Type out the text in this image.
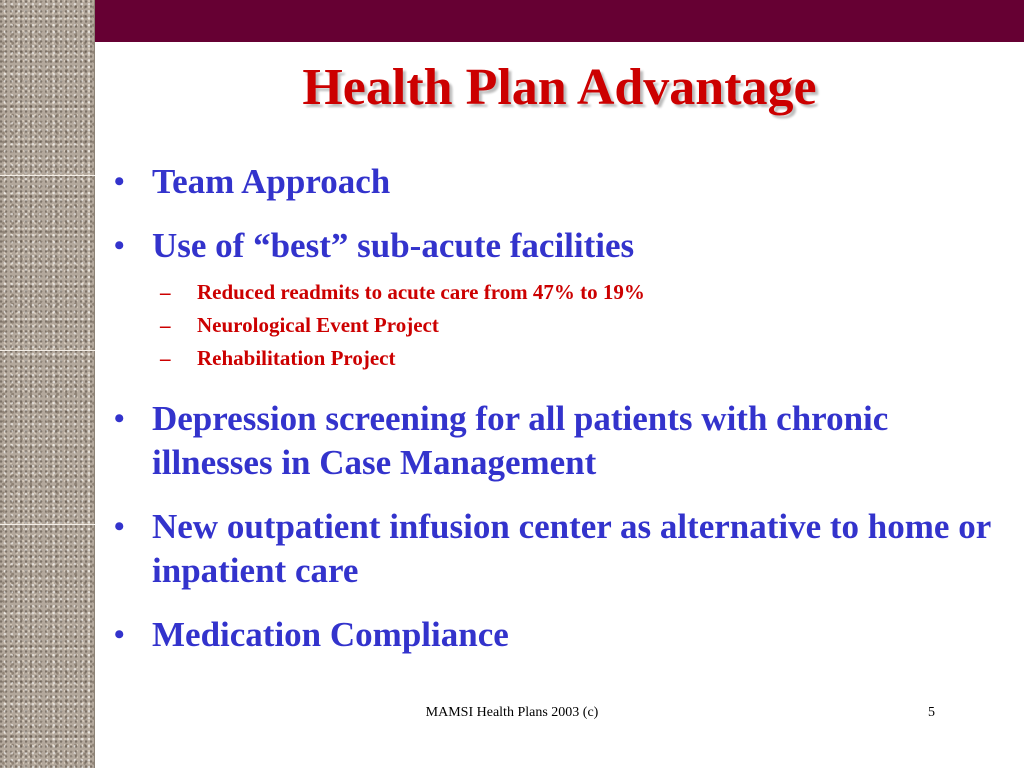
Health Plan Advantage
• Team Approach
• Use of “best” sub-acute facilities
– Reduced readmits to acute care from 47% to 19%
– Neurological Event Project
– Rehabilitation Project
• Depression screening for all patients with chronic illnesses in Case Management
• New outpatient infusion center as alternative to home or inpatient care
• Medication Compliance
MAMSI Health Plans 2003 (c)	5
